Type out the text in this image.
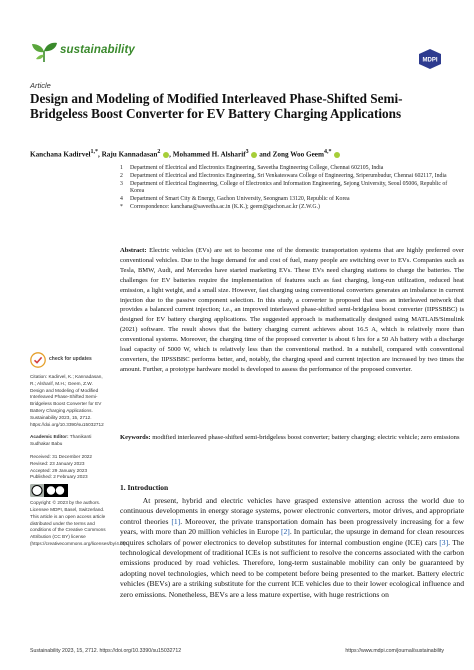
sustainability
MDPI
Article
Design and Modeling of Modified Interleaved Phase-Shifted Semi-Bridgeless Boost Converter for EV Battery Charging Applications
Kanchana Kadirvel$^{1,*}$, Raju Kannadasan$^2$ , Mohammed H. Alsharif$^3$  and Zong Woo Geem$^{4,*}$
1	Department of Electrical and Electronics Engineering, Saveetha Engineering College, Chennai 602105, India
2	Department of Electrical and Electronics Engineering, Sri Venkateswara College of Engineering, Sriperumbudur, Chennai 602117, India
3	Department of Electrical Engineering, College of Electronics and Information Engineering, Sejong University, Seoul 05006, Republic of Korea
4	Department of Smart City & Energy, Gachon University, Seongnam 13120, Republic of Korea
*	Correspondence: kanchana@saveetha.ac.in (K.K.); geem@gachon.ac.kr (Z.W.G.)
Abstract: Electric vehicles (EVs) are set to become one of the domestic transportation systems that are highly preferred over conventional vehicles. Due to the huge demand for and cost of fuel, many people are switching over to EVs. Companies such as Tesla, BMW, Audi, and Mercedes have started marketing EVs. These EVs need charging stations to charge the batteries. The challenges for EV batteries require the implementation of features such as fast charging, long-run utilization, reduced heat emission, a light weight, and a small size. However, fast charging using conventional converters generates an imbalance in current injection due to the passive component selection. In this study, a converter is proposed that uses an interleaved network that provides a balanced current injection; i.e., an improved interleaved phase-shifted semi-bridgeless boost converter (IIPSSBBC) is designed for EV battery charging applications. The suggested approach is mathematically designed using MATLAB/Simulink (2021) software. The result shows that the battery charging current achieves about 16.5 A, which is relatively more than conventional systems. Moreover, the charging time of the proposed converter is about 6 hrs for a 50 Ah battery with a discharge load capacity of 5000 W, which is relatively less than the conventional method. In a nutshell, compared with conventional converters, the IIPSSBBC performs better, and, notably, the charging speed and current injection are increased by two times the amount. Further, a prototype hardware model is developed to assess the performance of the proposed converter.
Keywords: modified interleaved phase-shifted semi-bridgeless boost converter; battery charging; electric vehicle; zero emissions
check for updates
Citation: Kadirvel, K.; Kannadasan, R.; Alsharif, M.H.; Geem, Z.W. Design and Modeling of Modified Interleaved Phase-Shifted Semi-Bridgeless Boost Converter for EV Battery Charging Applications. Sustainability 2023, 15, 2712. https://doi.org/10.3390/su15032712
Academic Editor: Thanikanti Sudhakar Babu
Received: 31 December 2022
Revised: 23 January 2023
Accepted: 29 January 2023
Published: 2 February 2023
Copyright: © 2023 by the authors. Licensee MDPI, Basel, Switzerland. This article is an open access article distributed under the terms and conditions of the Creative Commons Attribution (CC BY) license (https://creativecommons.org/licenses/by/4.0/).
1. Introduction
   At present, hybrid and electric vehicles have grasped extensive attention across the world due to continuous developments in energy storage systems, power electronic converters, motor drives, and appropriate control theories [1]. Moreover, the private transportation domain has been progressively increasing for a few years, with more than 20 million vehicles in Europe [2]. In particular, the upsurge in demand for clean resources requires scholars of power electronics to develop substitutes for internal combustion engine (ICE) cars [3]. The technological development of traditional ICEs is not sufficient to resolve the concerns associated with the carbon emissions produced by road vehicles. Therefore, long-term sustainable mobility can only be guaranteed by adopting novel technologies, which need to be competent before being presented to the market. Battery electric vehicles (BEVs) are a striking substitute for the current ICE vehicles due to their lower ecological influence and zero emissions. Nonetheless, BEVs are a less mature expertise, with huge restrictions on
Sustainability 2023, 15, 2712. https://doi.org/10.3390/su15032712	https://www.mdpi.com/journal/sustainability
